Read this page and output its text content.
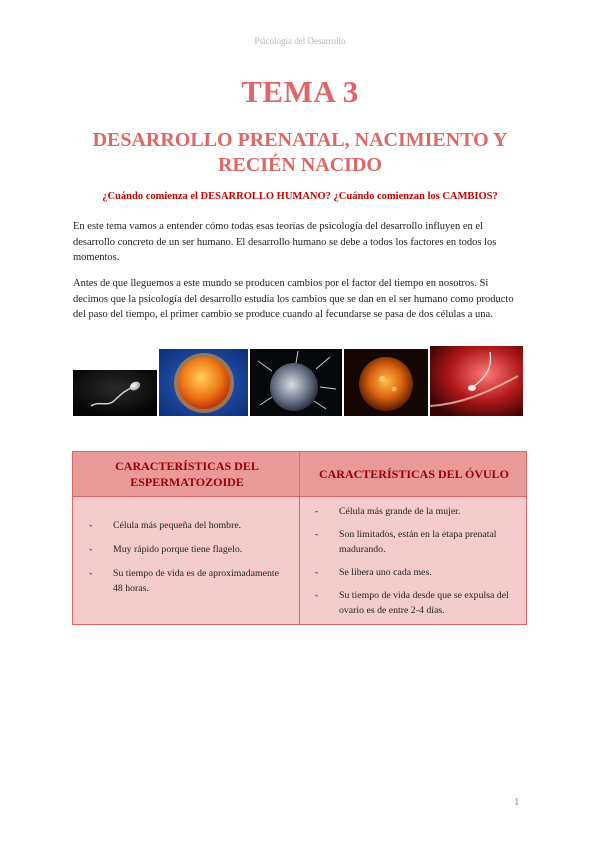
Psicología del Desarrollo
TEMA 3
DESARROLLO PRENATAL, NACIMIENTO Y RECIÉN NACIDO
¿Cuándo comienza el DESARROLLO HUMANO? ¿Cuándo comienzan los CAMBIOS?
En este tema vamos a entender cómo todas esas teorías de psicología del desarrollo influyen en el desarrollo concreto de un ser humano. El desarrollo humano se debe a todos los factores en todos los momentos.
Antes de que lleguemos a este mundo se producen cambios por el factor del tiempo en nosotros. Si decimos que la psicología del desarrollo estudia los cambios que se dan en el ser humano como producto del paso del tiempo, el primer cambio se produce cuando al fecundarse se pasa de dos células a una.
CARACTERÍSTICAS DEL ESPERMATOZOIDE
CARACTERÍSTICAS DEL ÓVULO
- Célula más pequeña del hombre.
- Muy rápido porque tiene flagelo.
- Su tiempo de vida es de aproximadamente 48 horas.
- Célula más grande de la mujer.
- Son limitados, están en la etapa prenatal madurando.
- Se libera uno cada mes.
- Su tiempo de vida desde que se expulsa del ovario es de entre 2-4 días.
1
